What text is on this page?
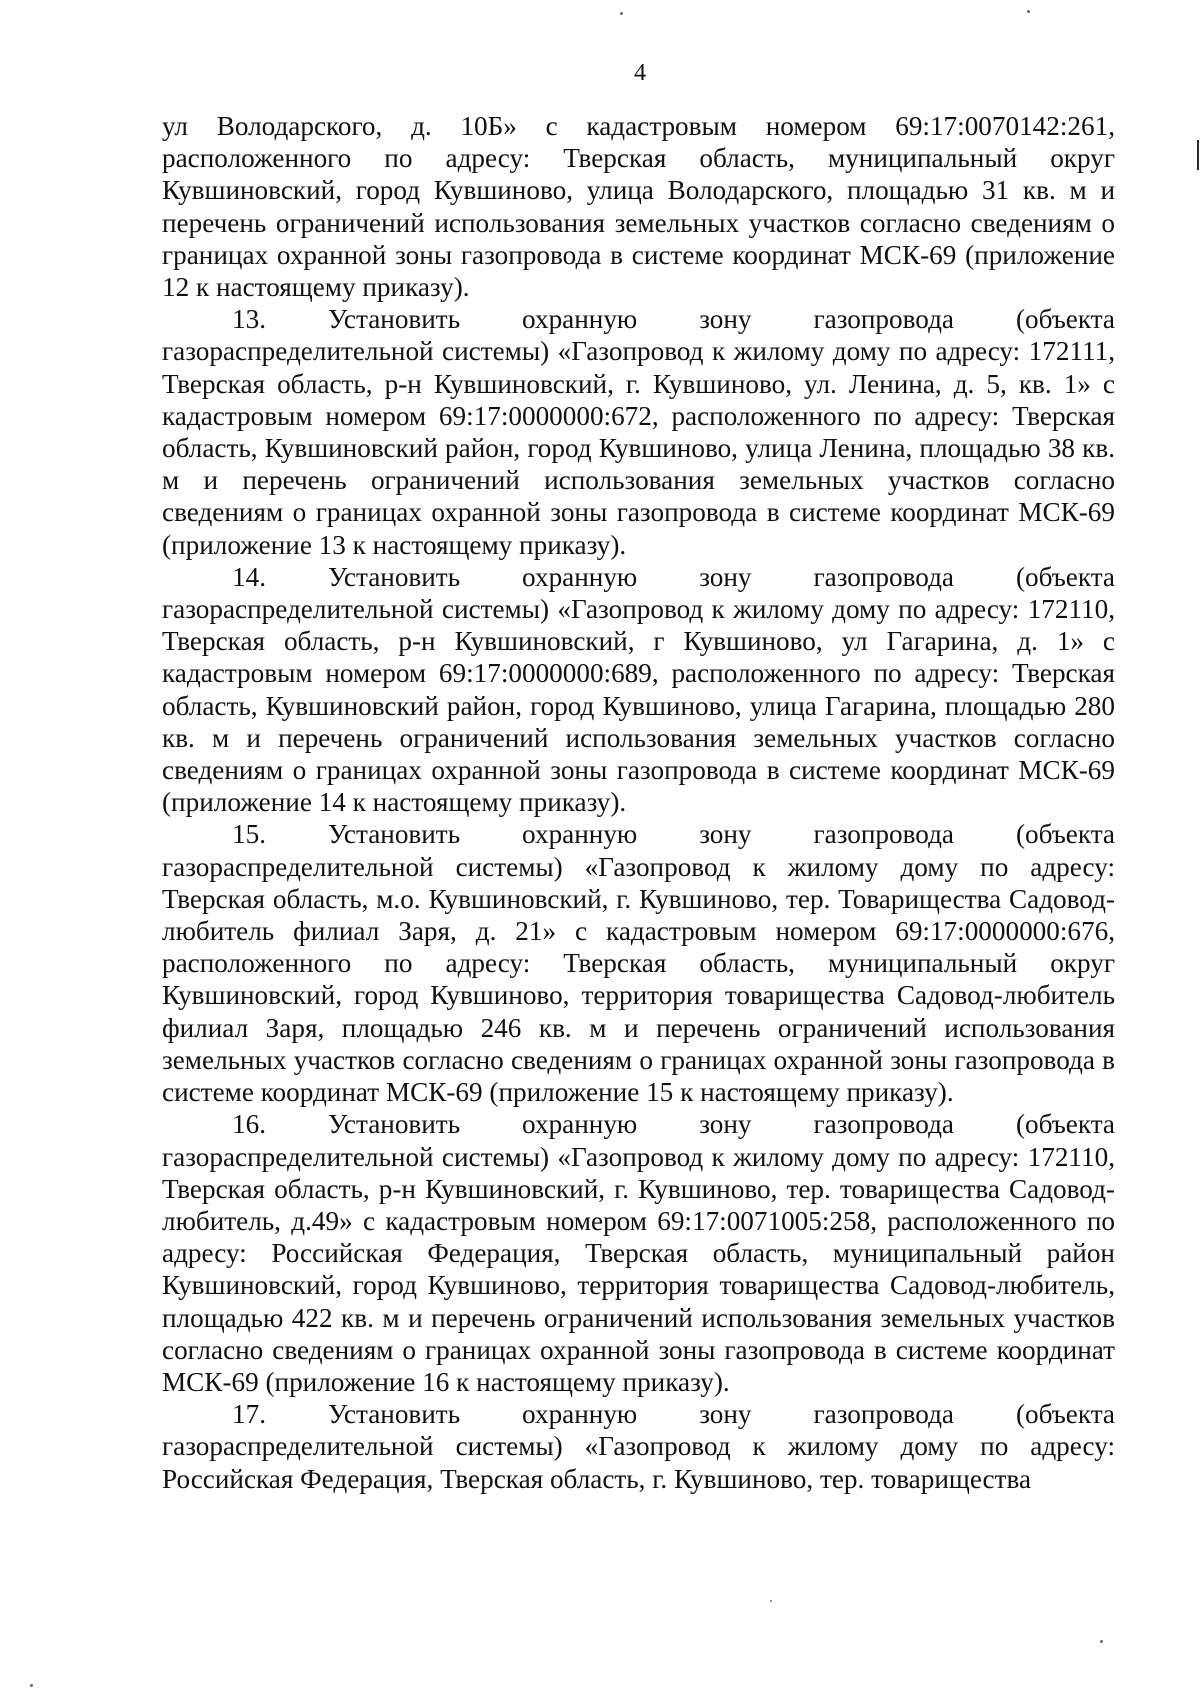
4

ул Володарского, д. 10Б» с кадастровым номером 69:17:0070142:261, расположенного по адресу: Тверская область, муниципальный округ Кувшиновский, город Кувшиново, улица Володарского, площадью 31 кв. м и перечень ограничений использования земельных участков согласно сведениям о границах охранной зоны газопровода в системе координат МСК-69 (приложение 12 к настоящему приказу).

13. Установить охранную зону газопровода (объекта газораспределительной системы) «Газопровод к жилому дому по адресу: 172111, Тверская область, р-н Кувшиновский, г. Кувшиново, ул. Ленина, д. 5, кв. 1» с кадастровым номером 69:17:0000000:672, расположенного по адресу: Тверская область, Кувшиновский район, город Кувшиново, улица Ленина, площадью 38 кв. м и перечень ограничений использования земельных участков согласно сведениям о границах охранной зоны газопровода в системе координат МСК-69 (приложение 13 к настоящему приказу).

14. Установить охранную зону газопровода (объекта газораспределительной системы) «Газопровод к жилому дому по адресу: 172110, Тверская область, р-н Кувшиновский, г Кувшиново, ул Гагарина, д. 1» с кадастровым номером 69:17:0000000:689, расположенного по адресу: Тверская область, Кувшиновский район, город Кувшиново, улица Гагарина, площадью 280 кв. м и перечень ограничений использования земельных участков согласно сведениям о границах охранной зоны газопровода в системе координат МСК-69 (приложение 14 к настоящему приказу).

15. Установить охранную зону газопровода (объекта газораспределительной системы) «Газопровод к жилому дому по адресу: Тверская область, м.о. Кувшиновский, г. Кувшиново, тер. Товарищества Садовод-любитель филиал Заря, д. 21» с кадастровым номером 69:17:0000000:676, расположенного по адресу: Тверская область, муниципальный округ Кувшиновский, город Кувшиново, территория товарищества Садовод-любитель филиал Заря, площадью 246 кв. м и перечень ограничений использования земельных участков согласно сведениям о границах охранной зоны газопровода в системе координат МСК-69 (приложение 15 к настоящему приказу).

16. Установить охранную зону газопровода (объекта газораспределительной системы) «Газопровод к жилому дому по адресу: 172110, Тверская область, р-н Кувшиновский, г. Кувшиново, тер. товарищества Садовод-любитель, д.49» с кадастровым номером 69:17:0071005:258, расположенного по адресу: Российская Федерация, Тверская область, муниципальный район Кувшиновский, город Кувшиново, территория товарищества Садовод-любитель, площадью 422 кв. м и перечень ограничений использования земельных участков согласно сведениям о границах охранной зоны газопровода в системе координат МСК-69 (приложение 16 к настоящему приказу).

17. Установить охранную зону газопровода (объекта газораспределительной системы) «Газопровод к жилому дому по адресу: Российская Федерация, Тверская область, г. Кувшиново, тер. товарищества
